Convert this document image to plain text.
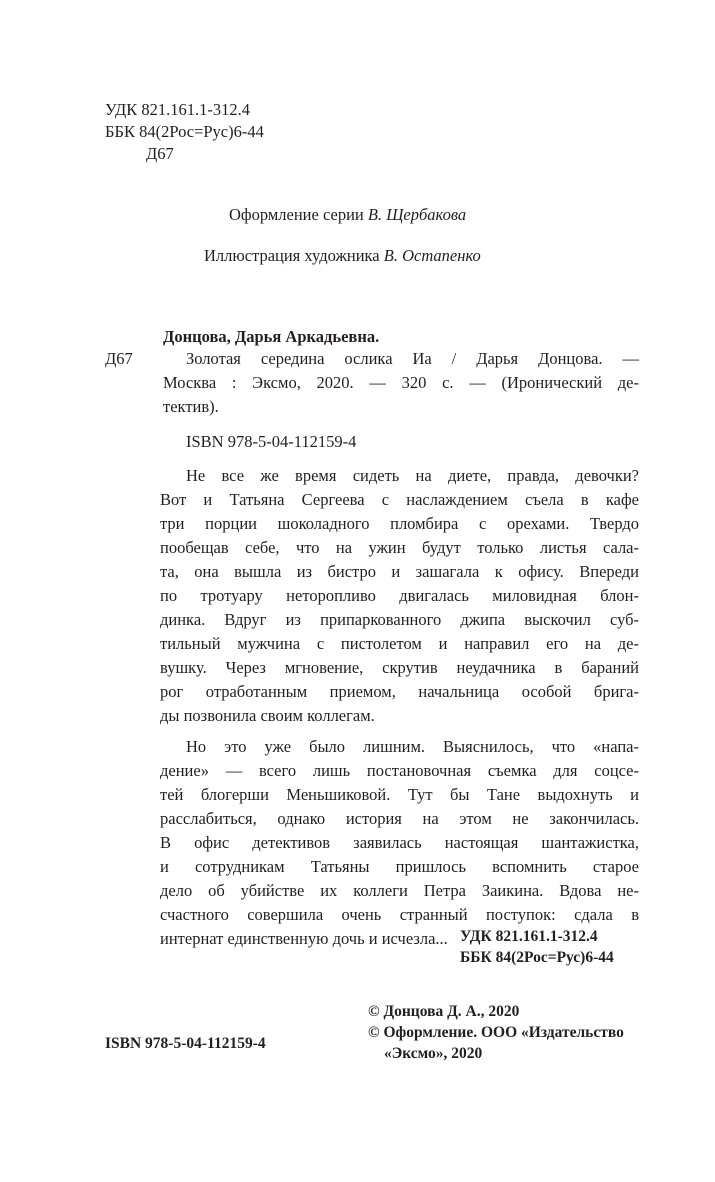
УДК 821.161.1-312.4
ББК 84(2Рос=Рус)6-44
Д67
Оформление серии В. Щербакова
Иллюстрация художника В. Остапенко
Донцова, Дарья Аркадьевна.
Д67	Золотая середина ослика Иа / Дарья Донцова. —
Москва : Эксмо, 2020. — 320 с. — (Иронический де-
тектив).
ISBN 978-5-04-112159-4
Не все же время сидеть на диете, правда, девочки?
Вот и Татьяна Сергеева с наслаждением съела в кафе
три порции шоколадного пломбира с орехами. Твердо
пообещав себе, что на ужин будут только листья сала-
та, она вышла из бистро и зашагала к офису. Впереди
по тротуару неторопливо двигалась миловидная блон-
динка. Вдруг из припаркованного джипа выскочил суб-
тильный мужчина с пистолетом и направил его на де-
вушку. Через мгновение, скрутив неудачника в бараний
рог отработанным приемом, начальница особой брига-
ды позвонила своим коллегам.
Но это уже было лишним. Выяснилось, что «напа-
дение» — всего лишь постановочная съемка для соцсе-
тей блогерши Меньшиковой. Тут бы Тане выдохнуть и
расслабиться, однако история на этом не закончилась.
В офис детективов заявилась настоящая шантажистка,
и сотрудникам Татьяны пришлось вспомнить старое
дело об убийстве их коллеги Петра Заикина. Вдова не-
счастного совершила очень странный поступок: сдала в
интернат единственную дочь и исчезла... УДК 821.161.1-312.4
ББК 84(2Рос=Рус)6-44
© Донцова Д. А., 2020
© Оформление. ООО «Издательство
«Эксмо», 2020
ISBN 978-5-04-112159-4
